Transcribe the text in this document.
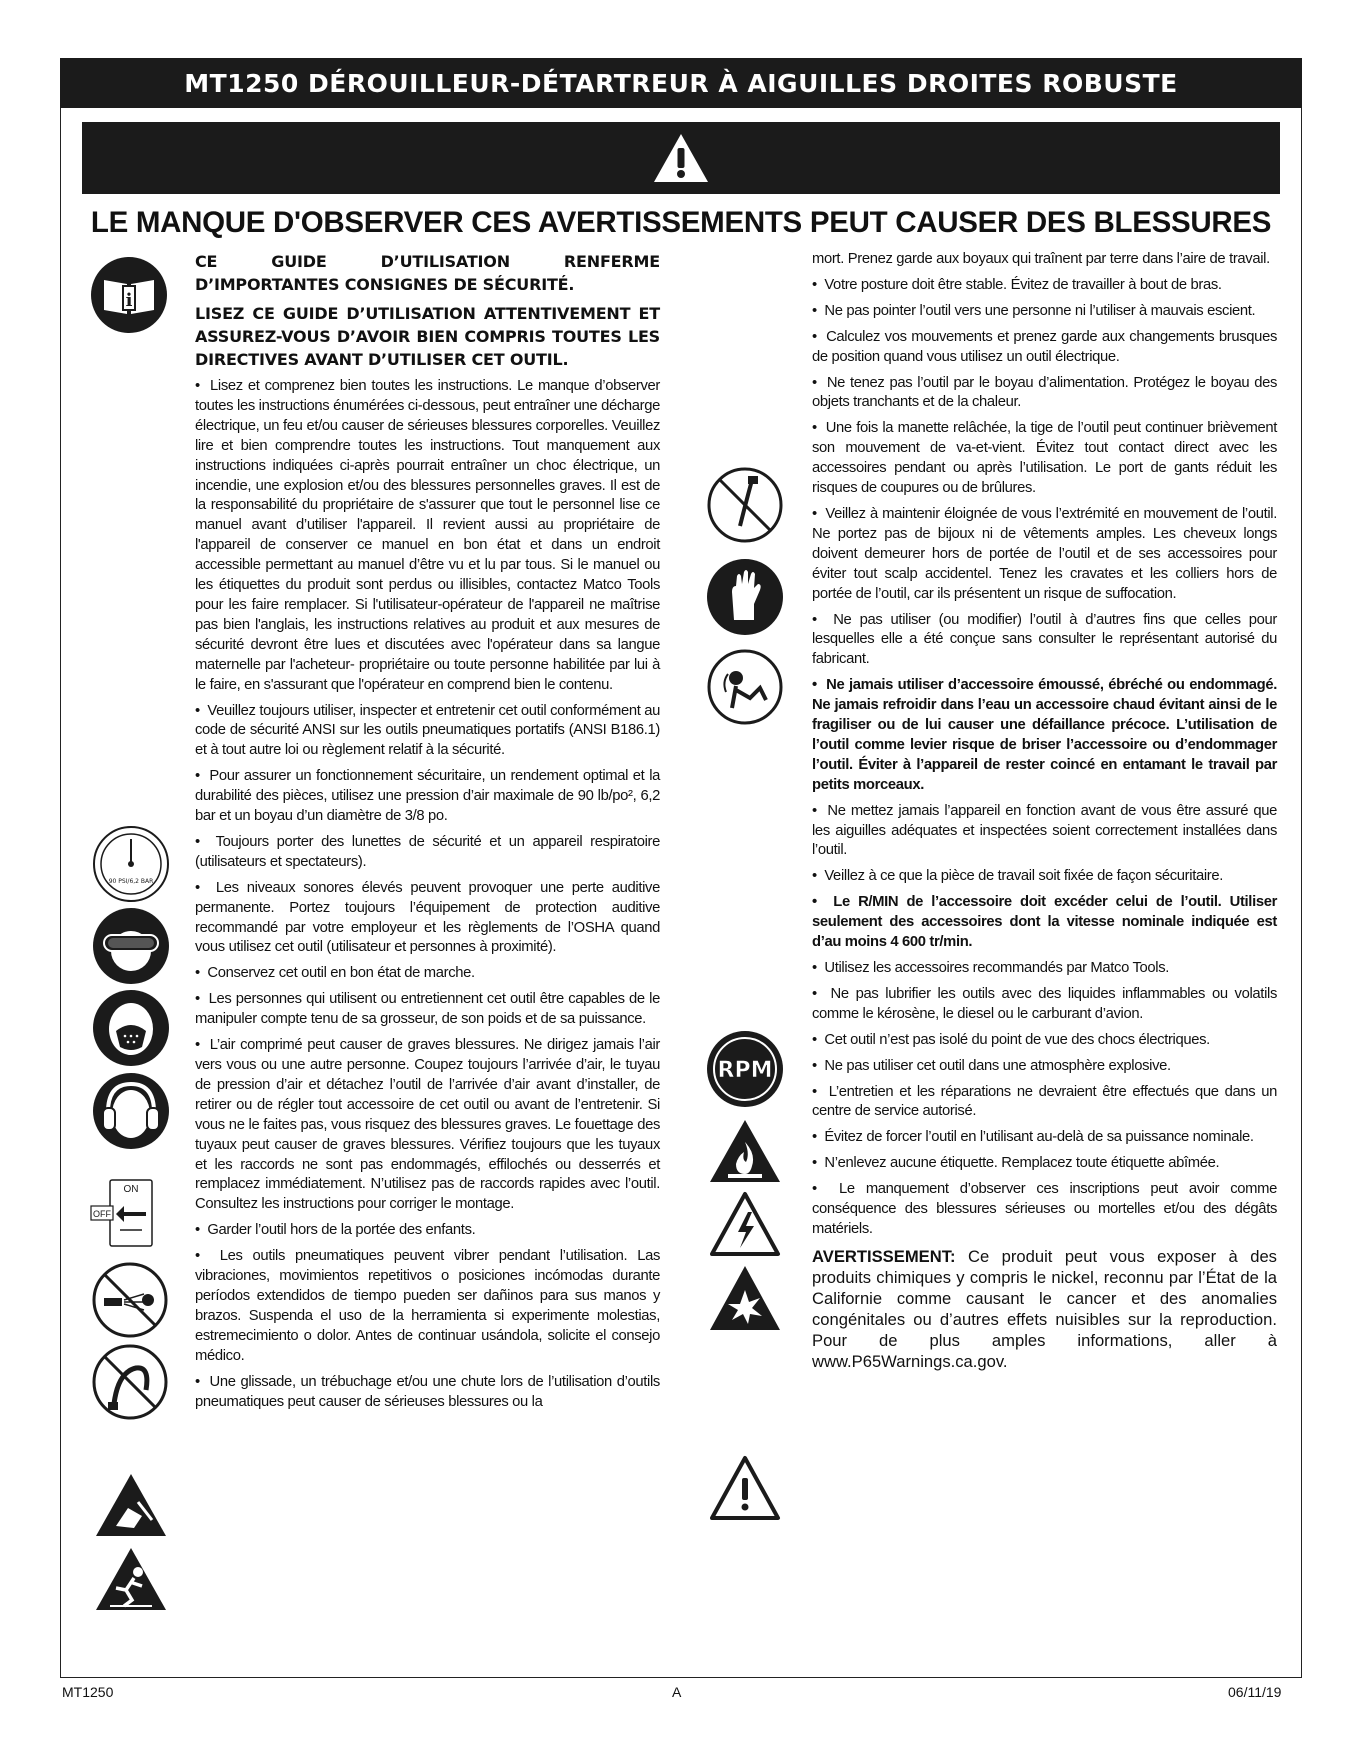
MT1250 DÉROUILLEUR-DÉTARTREUR À AIGUILLES DROITES ROBUSTE
LE MANQUE D'OBSERVER CES AVERTISSEMENTS PEUT CAUSER DES BLESSURES

CE GUIDE D’UTILISATION RENFERME D’IMPORTANTES CONSIGNES DE SÉCURITÉ.

LISEZ CE GUIDE D’UTILISATION ATTENTIVEMENT ET ASSUREZ-VOUS D’AVOIR BIEN COMPRIS TOUTES LES DIRECTIVES AVANT D’UTILISER CET OUTIL.

•  Lisez et comprenez bien toutes les instructions. Le manque d’observer toutes les instructions énumérées ci-dessous, peut entraîner une décharge électrique, un feu et/ou causer de sérieuses blessures corporelles. Veuillez lire et bien comprendre toutes les instructions. Tout manquement aux instructions indiquées ci-après pourrait entraîner un choc électrique, un incendie, une explosion et/ou des blessures personnelles graves. Il est de la responsabilité du propriétaire de s'assurer que tout le personnel lise ce manuel avant d’utiliser l'appareil. Il revient aussi au propriétaire de l'appareil de conserver ce manuel en bon état et dans un endroit accessible permettant au manuel d’être vu et lu par tous. Si le manuel ou les étiquettes du produit sont perdus ou illisibles, contactez Matco Tools pour les faire remplacer. Si l'utilisateur-opérateur de l'appareil ne maîtrise pas bien l'anglais, les instructions relatives au produit et aux mesures de sécurité devront être lues et discutées avec l'opérateur dans sa langue maternelle par l'acheteur- propriétaire ou toute personne habilitée par lui à le faire, en s'assurant que l'opérateur en comprend bien le contenu.

•  Veuillez toujours utiliser, inspecter et entretenir cet outil conformément au code de sécurité ANSI sur les outils pneumatiques portatifs (ANSI B186.1) et à tout autre loi ou règlement relatif à la sécurité.

•  Pour assurer un fonctionnement sécuritaire, un rendement optimal et la durabilité des pièces, utilisez une pression d’air maximale de 90 lb/po², 6,2 bar et un boyau d’un diamètre de 3/8 po.

•  Toujours porter des lunettes de sécurité et un appareil respiratoire (utilisateurs et spectateurs).

•  Les niveaux sonores élevés peuvent provoquer une perte auditive permanente. Portez toujours l’équipement de protection auditive recommandé par votre employeur et les règlements de l’OSHA quand vous utilisez cet outil (utilisateur et personnes à proximité).

•  Conservez cet outil en bon état de marche.

•  Les personnes qui utilisent ou entretiennent cet outil être capables de le manipuler compte tenu de sa grosseur, de son poids et de sa puissance.

•  L’air comprimé peut causer de graves blessures. Ne dirigez jamais l’air vers vous ou une autre personne. Coupez toujours l’arrivée d’air, le tuyau de pression d’air et détachez l’outil de l’arrivée d’air avant d’installer, de retirer ou de régler tout accessoire de cet outil ou avant de l’entretenir. Si vous ne le faites pas, vous risquez des blessures graves. Le fouettage des tuyaux peut causer de graves blessures. Vérifiez toujours que les tuyaux et les raccords ne sont pas endommagés, effilochés ou desserrés et remplacez immédiatement. N’utilisez pas de raccords rapides avec l’outil. Consultez les instructions pour corriger le montage.

•  Garder l’outil hors de la portée des enfants.

•  Les outils pneumatiques peuvent vibrer pendant l’utilisation. Las vibraciones, movimientos repetitivos o posiciones incómodas durante períodos extendidos de tiempo pueden ser dañinos para sus manos y brazos. Suspenda el uso de la herramienta si experimente molestias, estremecimiento o dolor. Antes de continuar usándola, solicite el consejo médico.

•  Une glissade, un trébuchage et/ou une chute lors de l’utilisation d’outils pneumatiques peut causer de sérieuses blessures ou la

mort. Prenez garde aux boyaux qui traînent par terre dans l’aire de travail.

•  Votre posture doit être stable. Évitez de travailler à bout de bras.

•  Ne pas pointer l’outil vers une personne ni l’utiliser à mauvais escient.

•  Calculez vos mouvements et prenez garde aux changements brusques de position quand vous utilisez un outil électrique.

•  Ne tenez pas l’outil par le boyau d’alimentation. Protégez le boyau des objets tranchants et de la chaleur.

•  Une fois la manette relâchée, la tige de l’outil peut continuer brièvement son mouvement de va-et-vient. Évitez tout contact direct avec les accessoires pendant ou après l’utilisation. Le port de gants réduit les risques de coupures ou de brûlures.

•  Veillez à maintenir éloignée de vous l’extrémité en mouvement de l’outil. Ne portez pas de bijoux ni de vêtements amples. Les cheveux longs doivent demeurer hors de portée de l’outil et de ses accessoires pour éviter tout scalp accidentel. Tenez les cravates et les colliers hors de portée de l’outil, car ils présentent un risque de suffocation.

•  Ne pas utiliser (ou modifier) l’outil à d’autres fins que celles pour lesquelles elle a été conçue sans consulter le représentant autorisé du fabricant.

•  Ne jamais utiliser d’accessoire émoussé, ébréché ou endommagé. Ne jamais refroidir dans l’eau un accessoire chaud évitant ainsi de le fragiliser ou de lui causer une défaillance précoce. L’utilisation de l’outil comme levier risque de briser l’accessoire ou d’endommager l’outil. Éviter à l’appareil de rester coincé en entamant le travail par petits morceaux.

•  Ne mettez jamais l’appareil en fonction avant de vous être assuré que les aiguilles adéquates et inspectées soient correctement installées dans l’outil.

•  Veillez à ce que la pièce de travail soit fixée de façon sécuritaire.

•  Le R/MIN de l’accessoire doit excéder celui de l’outil. Utiliser seulement des accessoires dont la vitesse nominale indiquée est d’au moins 4 600 tr/min.

•  Utilisez les accessoires recommandés par Matco Tools.

•  Ne pas lubrifier les outils avec des liquides inflammables ou volatils comme le kérosène, le diesel ou le carburant d’avion.

•  Cet outil n’est pas isolé du point de vue des chocs électriques.

•  Ne pas utiliser cet outil dans une atmosphère explosive.

•  L’entretien et les réparations ne devraient être effectués que dans un centre de service autorisé.

•  Évitez de forcer l’outil en l’utilisant au-delà de sa puissance nominale.

•  N’enlevez aucune étiquette. Remplacez toute étiquette abîmée.

•  Le manquement d’observer ces inscriptions peut avoir comme conséquence des blessures sérieuses ou mortelles et/ou des dégâts matériels.

AVERTISSEMENT: Ce produit peut vous exposer à des produits chimiques y compris le nickel, reconnu par l’État de la Californie comme causant le cancer et des anomalies congénitales ou d’autres effets nuisibles sur la reproduction. Pour de plus amples informations, aller à www.P65Warnings.ca.gov.

i
90 PSI/6,2 BAR
ON
OFF
RPM
MT1250	A	06/11/19
